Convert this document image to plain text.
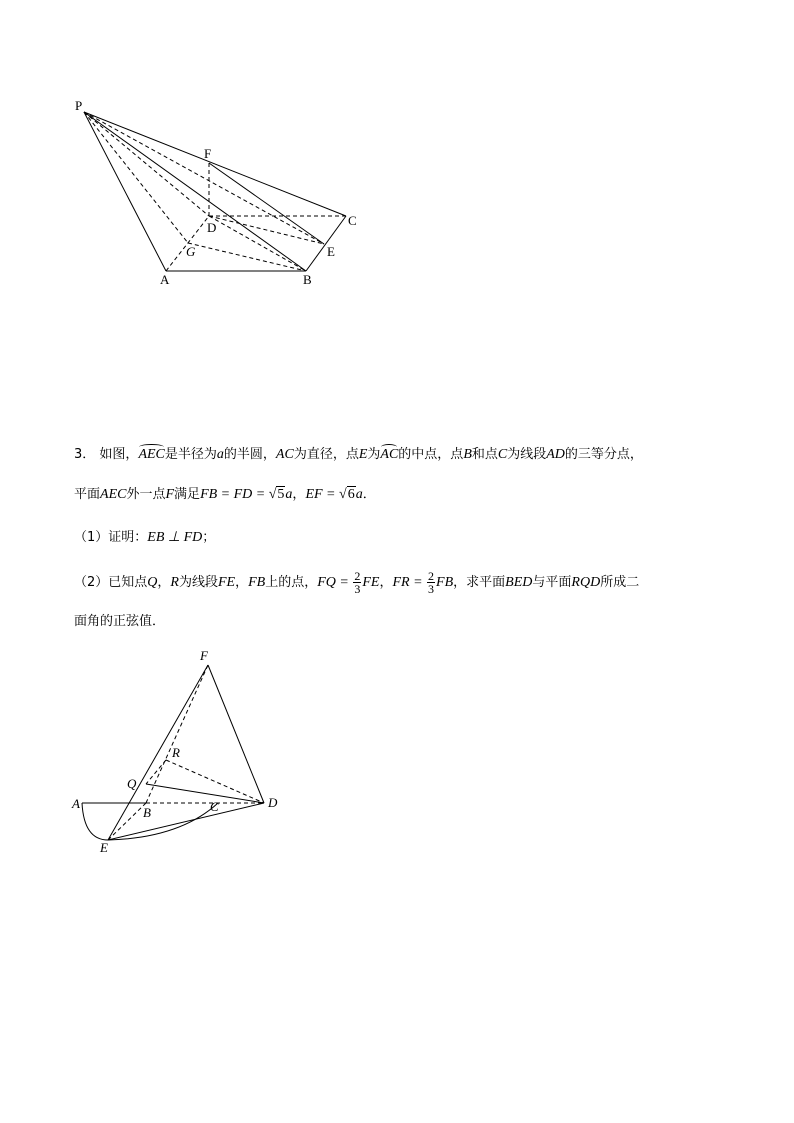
P
F
C
D
E
G
A	B
3． 如图，AEC是半径为a的半圆，AC为直径，点E为AC的中点，点B和点C为线段AD的三等分点，
平面AEC外一点F满足FB = FD = √5a，EF = √6a．
（1）证明：EB ⊥ FD；
（2）已知点Q，R为线段FE，FB上的点，FQ = $\frac{2}{3}$ FE，FR = $\frac{2}{3}$ FB，求平面BED与平面RQD所成二
面角的正弦值．
F
R
Q
A
B	C	D
E
